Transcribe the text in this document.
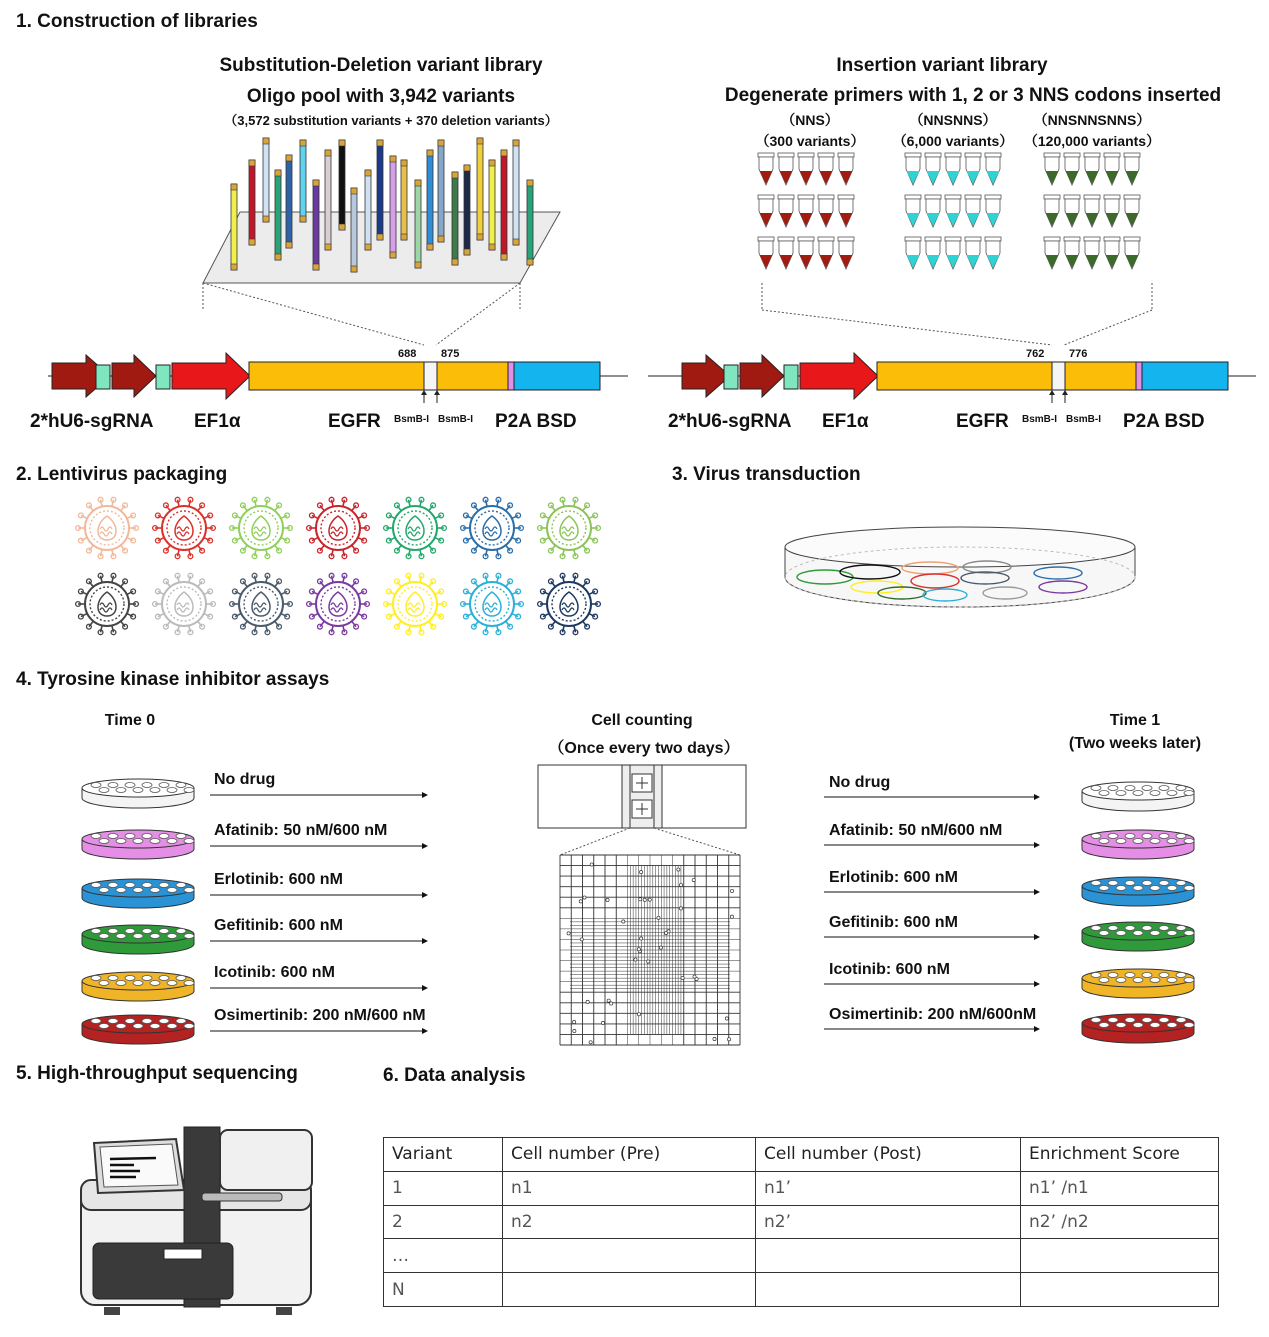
1. Construction of libraries
2. Lentivirus packaging	3. Virus transduction
4. Tyrosine kinase inhibitor assays
5. High-throughput sequencing	6. Data analysis
Substitution-Deletion variant library
Oligo pool with 3,942 variants
（3,572 substitution variants + 370 deletion variants）
Insertion variant library
Degenerate primers with 1, 2 or 3 NNS codons inserted
（NNS）
（300 variants）
（NNSNNS）
（6,000 variants）
（NNSNNSNNS）
（120,000 variants）
688 875
2*hU6-sgRNA EF1α	EGFR BsmB-I BsmB-I P2A BSD
762 776
2*hU6-sgRNA EF1α	EGFR BsmB-I BsmB-I P2A BSD
Time 0	Cell counting
（Once every two days）
Time 1
(Two weeks later)
Variant	Cell number (Pre)	Cell number (Post)	Enrichment Score
1	n1	n1’	n1’ /n1
2	n2	n2’	n2’ /n2
…			
N			
No drug
Afatinib: 50 nM/600 nM
Erlotinib: 600 nM
Gefitinib: 600 nM
Icotinib: 600 nM
Osimertinib: 200 nM/600 nM
No drug
Afatinib: 50 nM/600 nM
Erlotinib: 600 nM
Gefitinib: 600 nM
Icotinib: 600 nM
Osimertinib: 200 nM/600nM
